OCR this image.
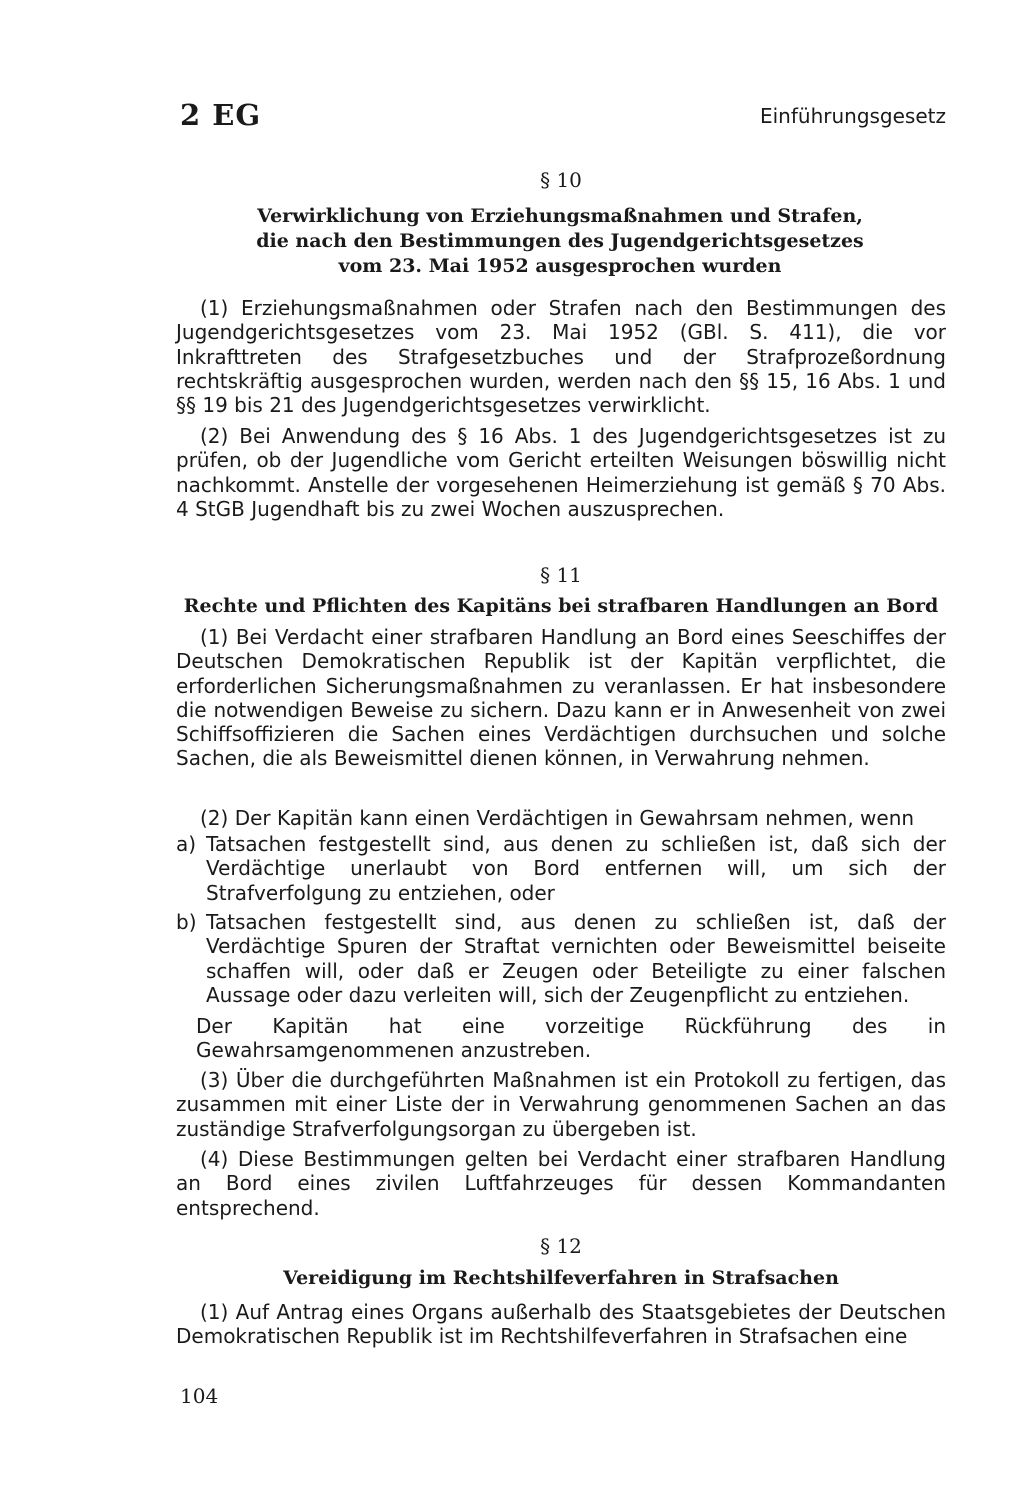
2 EG	Einführungsgesetz
§ 10
Verwirklichung von Erziehungsmaßnahmen und Strafen, die nach den Bestimmungen des Jugendgerichtsgesetzes vom 23. Mai 1952 ausgesprochen wurden

(1) Erziehungsmaßnahmen oder Strafen nach den Bestimmungen des Jugendgerichtsgesetzes vom 23. Mai 1952 (GBl. S. 411), die vor Inkrafttreten des Strafgesetzbuches und der Strafprozeßordnung rechtskräftig ausgesprochen wurden, werden nach den §§ 15, 16 Abs. 1 und §§ 19 bis 21 des Jugendgerichtsgesetzes verwirklicht.

(2) Bei Anwendung des § 16 Abs. 1 des Jugendgerichtsgesetzes ist zu prüfen, ob der Jugendliche vom Gericht erteilten Weisungen böswillig nicht nachkommt. Anstelle der vorgesehenen Heimerziehung ist gemäß § 70 Abs. 4 StGB Jugendhaft bis zu zwei Wochen auszusprechen.

§ 11
Rechte und Pflichten des Kapitäns bei strafbaren Handlungen an Bord

(1) Bei Verdacht einer strafbaren Handlung an Bord eines Seeschiffes der Deutschen Demokratischen Republik ist der Kapitän verpflichtet, die erforderlichen Sicherungsmaßnahmen zu veranlassen. Er hat insbesondere die notwendigen Beweise zu sichern. Dazu kann er in Anwesenheit von zwei Schiffsoffizieren die Sachen eines Verdächtigen durchsuchen und solche Sachen, die als Beweismittel dienen können, in Verwahrung nehmen.

(2) Der Kapitän kann einen Verdächtigen in Gewahrsam nehmen, wenn

a) Tatsachen festgestellt sind, aus denen zu schließen ist, daß sich der Verdächtige unerlaubt von Bord entfernen will, um sich der Strafverfolgung zu entziehen, oder
b) Tatsachen festgestellt sind, aus denen zu schließen ist, daß der Verdächtige Spuren der Straftat vernichten oder Beweismittel beiseite schaffen will, oder daß er Zeugen oder Beteiligte zu einer falschen Aussage oder dazu verleiten will, sich der Zeugenpflicht zu entziehen.

Der Kapitän hat eine vorzeitige Rückführung des in Gewahrsamgenommenen anzustreben.

(3) Über die durchgeführten Maßnahmen ist ein Protokoll zu fertigen, das zusammen mit einer Liste der in Verwahrung genommenen Sachen an das zuständige Strafverfolgungsorgan zu übergeben ist.

(4) Diese Bestimmungen gelten bei Verdacht einer strafbaren Handlung an Bord eines zivilen Luftfahrzeuges für dessen Kommandanten entsprechend.

§ 12
Vereidigung im Rechtshilfeverfahren in Strafsachen

(1) Auf Antrag eines Organs außerhalb des Staatsgebietes der Deutschen Demokratischen Republik ist im Rechtshilfeverfahren in Strafsachen eine

104
